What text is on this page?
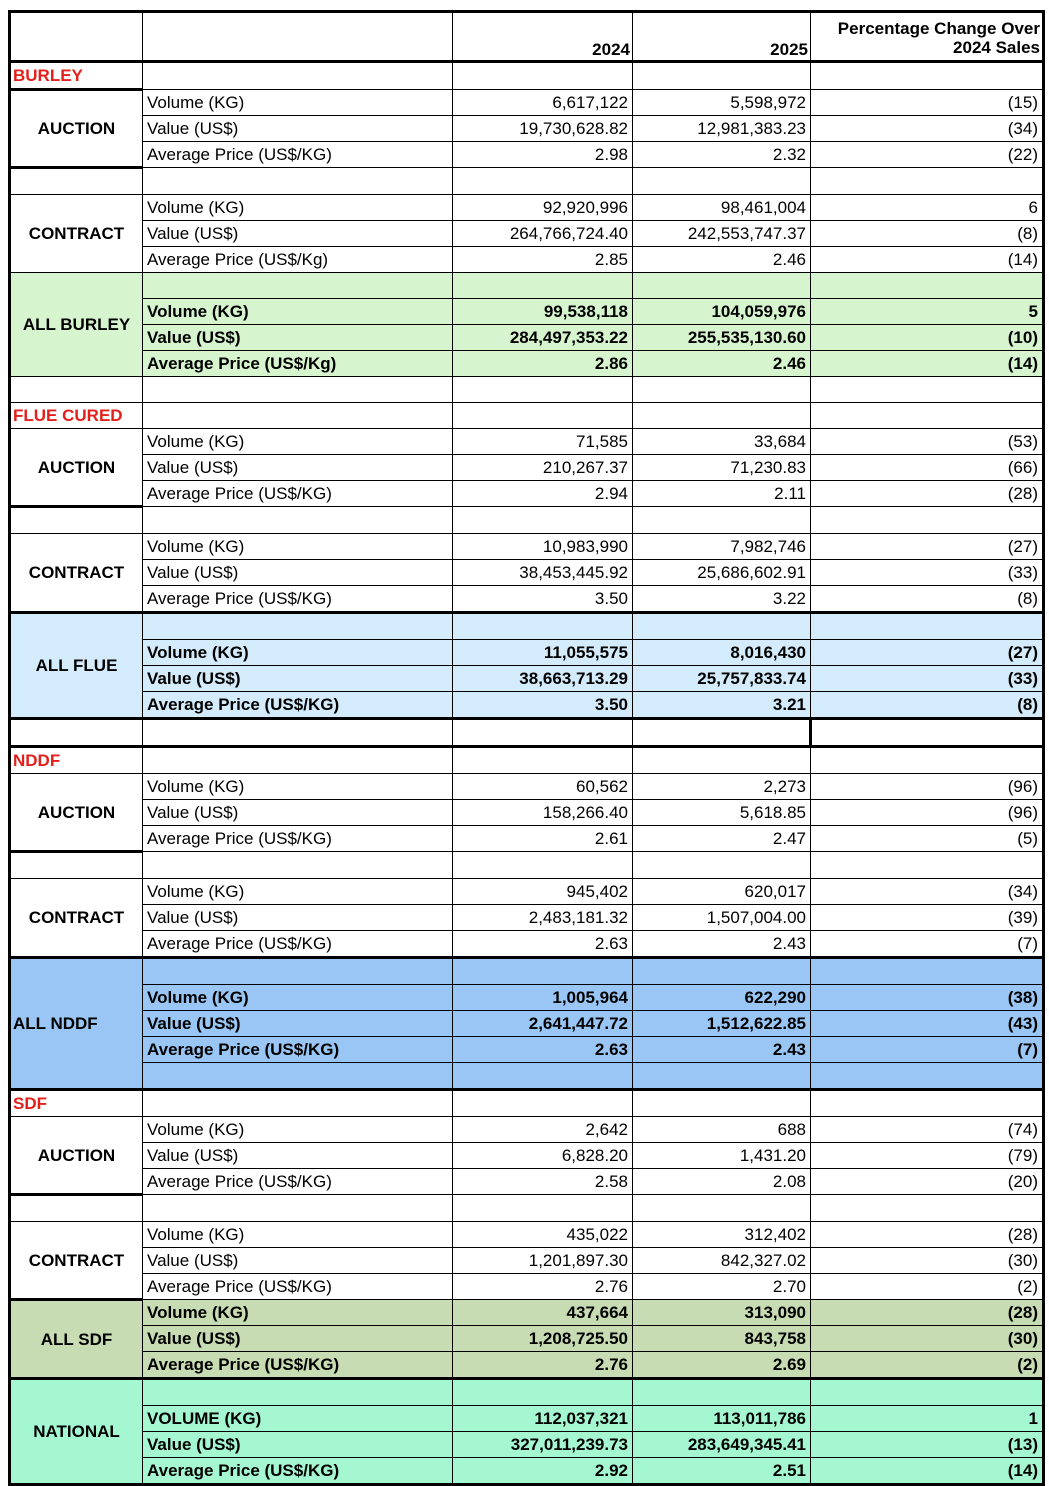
		2024	2025	Percentage Change Over 2024 Sales
BURLEY				
AUCTION	Volume (KG)	6,617,122	5,598,972	(15)
	Value (US$)	19,730,628.82	12,981,383.23	(34)
	Average Price (US$/KG)	2.98	2.32	(22)

CONTRACT	Volume (KG)	92,920,996	98,461,004	6
	Value (US$)	264,766,724.40	242,553,747.37	(8)
	Average Price (US$/Kg)	2.85	2.46	(14)
ALL BURLEY				
	Volume (KG)	99,538,118	104,059,976	5
	Value (US$)	284,497,353.22	255,535,130.60	(10)
	Average Price (US$/Kg)	2.86	2.46	(14)

FLUE CURED				
AUCTION	Volume (KG)	71,585	33,684	(53)
	Value (US$)	210,267.37	71,230.83	(66)
	Average Price (US$/KG)	2.94	2.11	(28)

CONTRACT	Volume (KG)	10,983,990	7,982,746	(27)
	Value (US$)	38,453,445.92	25,686,602.91	(33)
	Average Price (US$/KG)	3.50	3.22	(8)
ALL FLUE				
	Volume (KG)	11,055,575	8,016,430	(27)
	Value (US$)	38,663,713.29	25,757,833.74	(33)
	Average Price (US$/KG)	3.50	3.21	(8)

NDDF				
AUCTION	Volume (KG)	60,562	2,273	(96)
	Value (US$)	158,266.40	5,618.85	(96)
	Average Price (US$/KG)	2.61	2.47	(5)

CONTRACT	Volume (KG)	945,402	620,017	(34)
	Value (US$)	2,483,181.32	1,507,004.00	(39)
	Average Price (US$/KG)	2.63	2.43	(7)
ALL NDDF				
	Volume (KG)	1,005,964	622,290	(38)
	Value (US$)	2,641,447.72	1,512,622.85	(43)
	Average Price (US$/KG)	2.63	2.43	(7)

SDF				
AUCTION	Volume (KG)	2,642	688	(74)
	Value (US$)	6,828.20	1,431.20	(79)
	Average Price (US$/KG)	2.58	2.08	(20)

CONTRACT	Volume (KG)	435,022	312,402	(28)
	Value (US$)	1,201,897.30	842,327.02	(30)
	Average Price (US$/KG)	2.76	2.70	(2)
ALL SDF	Volume (KG)	437,664	313,090	(28)
	Value (US$)	1,208,725.50	843,758	(30)
	Average Price (US$/KG)	2.76	2.69	(2)
NATIONAL				
	VOLUME (KG)	112,037,321	113,011,786	1
	Value (US$)	327,011,239.73	283,649,345.41	(13)
	Average Price (US$/KG)	2.92	2.51	(14)
